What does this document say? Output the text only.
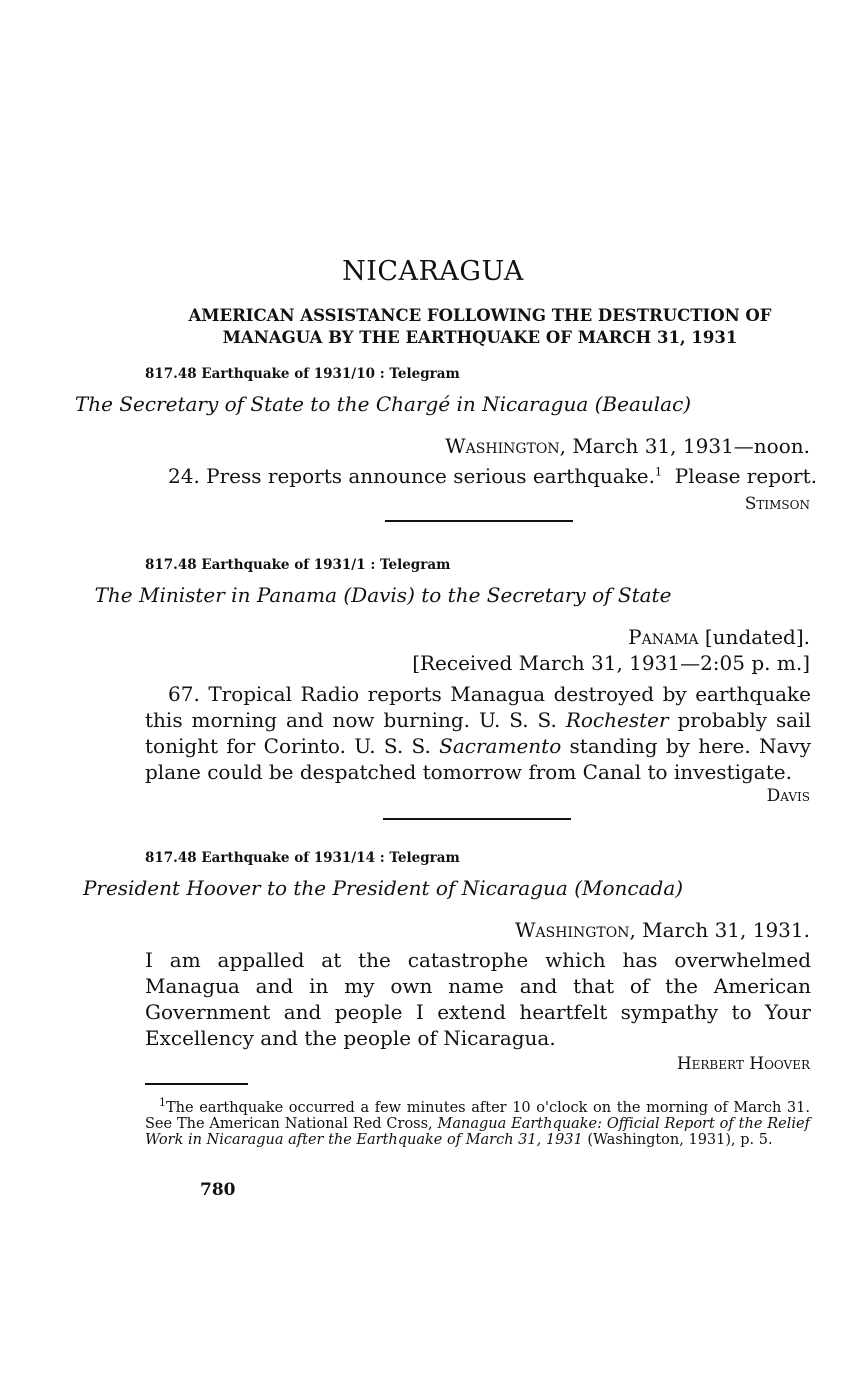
NICARAGUA
AMERICAN ASSISTANCE FOLLOWING THE DESTRUCTION OF
MANAGUA BY THE EARTHQUAKE OF MARCH 31, 1931
817.48 Earthquake of 1931/10 : Telegram
The Secretary of State to the Chargé in Nicaragua (Beaulac)
Washington, March 31, 1931—noon.
24. Press reports announce serious earthquake.$^1$  Please report.
Stimson
817.48 Earthquake of 1931/1 : Telegram
The Minister in Panama (Davis) to the Secretary of State
Panama [undated].
[Received March 31, 1931—2:05 p. m.]

67. Tropical Radio reports Managua destroyed by earthquake this morning and now burning. U. S. S. Rochester probably sail tonight for Corinto. U. S. S. Sacramento standing by here. Navy plane could be despatched tomorrow from Canal to investigate.

Davis
817.48 Earthquake of 1931/14 : Telegram
President Hoover to the President of Nicaragua (Moncada)
Washington, March 31, 1931.

I am appalled at the catastrophe which has overwhelmed Managua and in my own name and that of the American Government and people I extend heartfelt sympathy to Your Excellency and the people of Nicaragua.

Herbert Hoover

$^1$The earthquake occurred a few minutes after 10 o'clock on the morning of March 31. See The American National Red Cross, Managua Earthquake: Official Report of the Relief Work in Nicaragua after the Earthquake of March 31, 1931 (Washington, 1931), p. 5.

780
